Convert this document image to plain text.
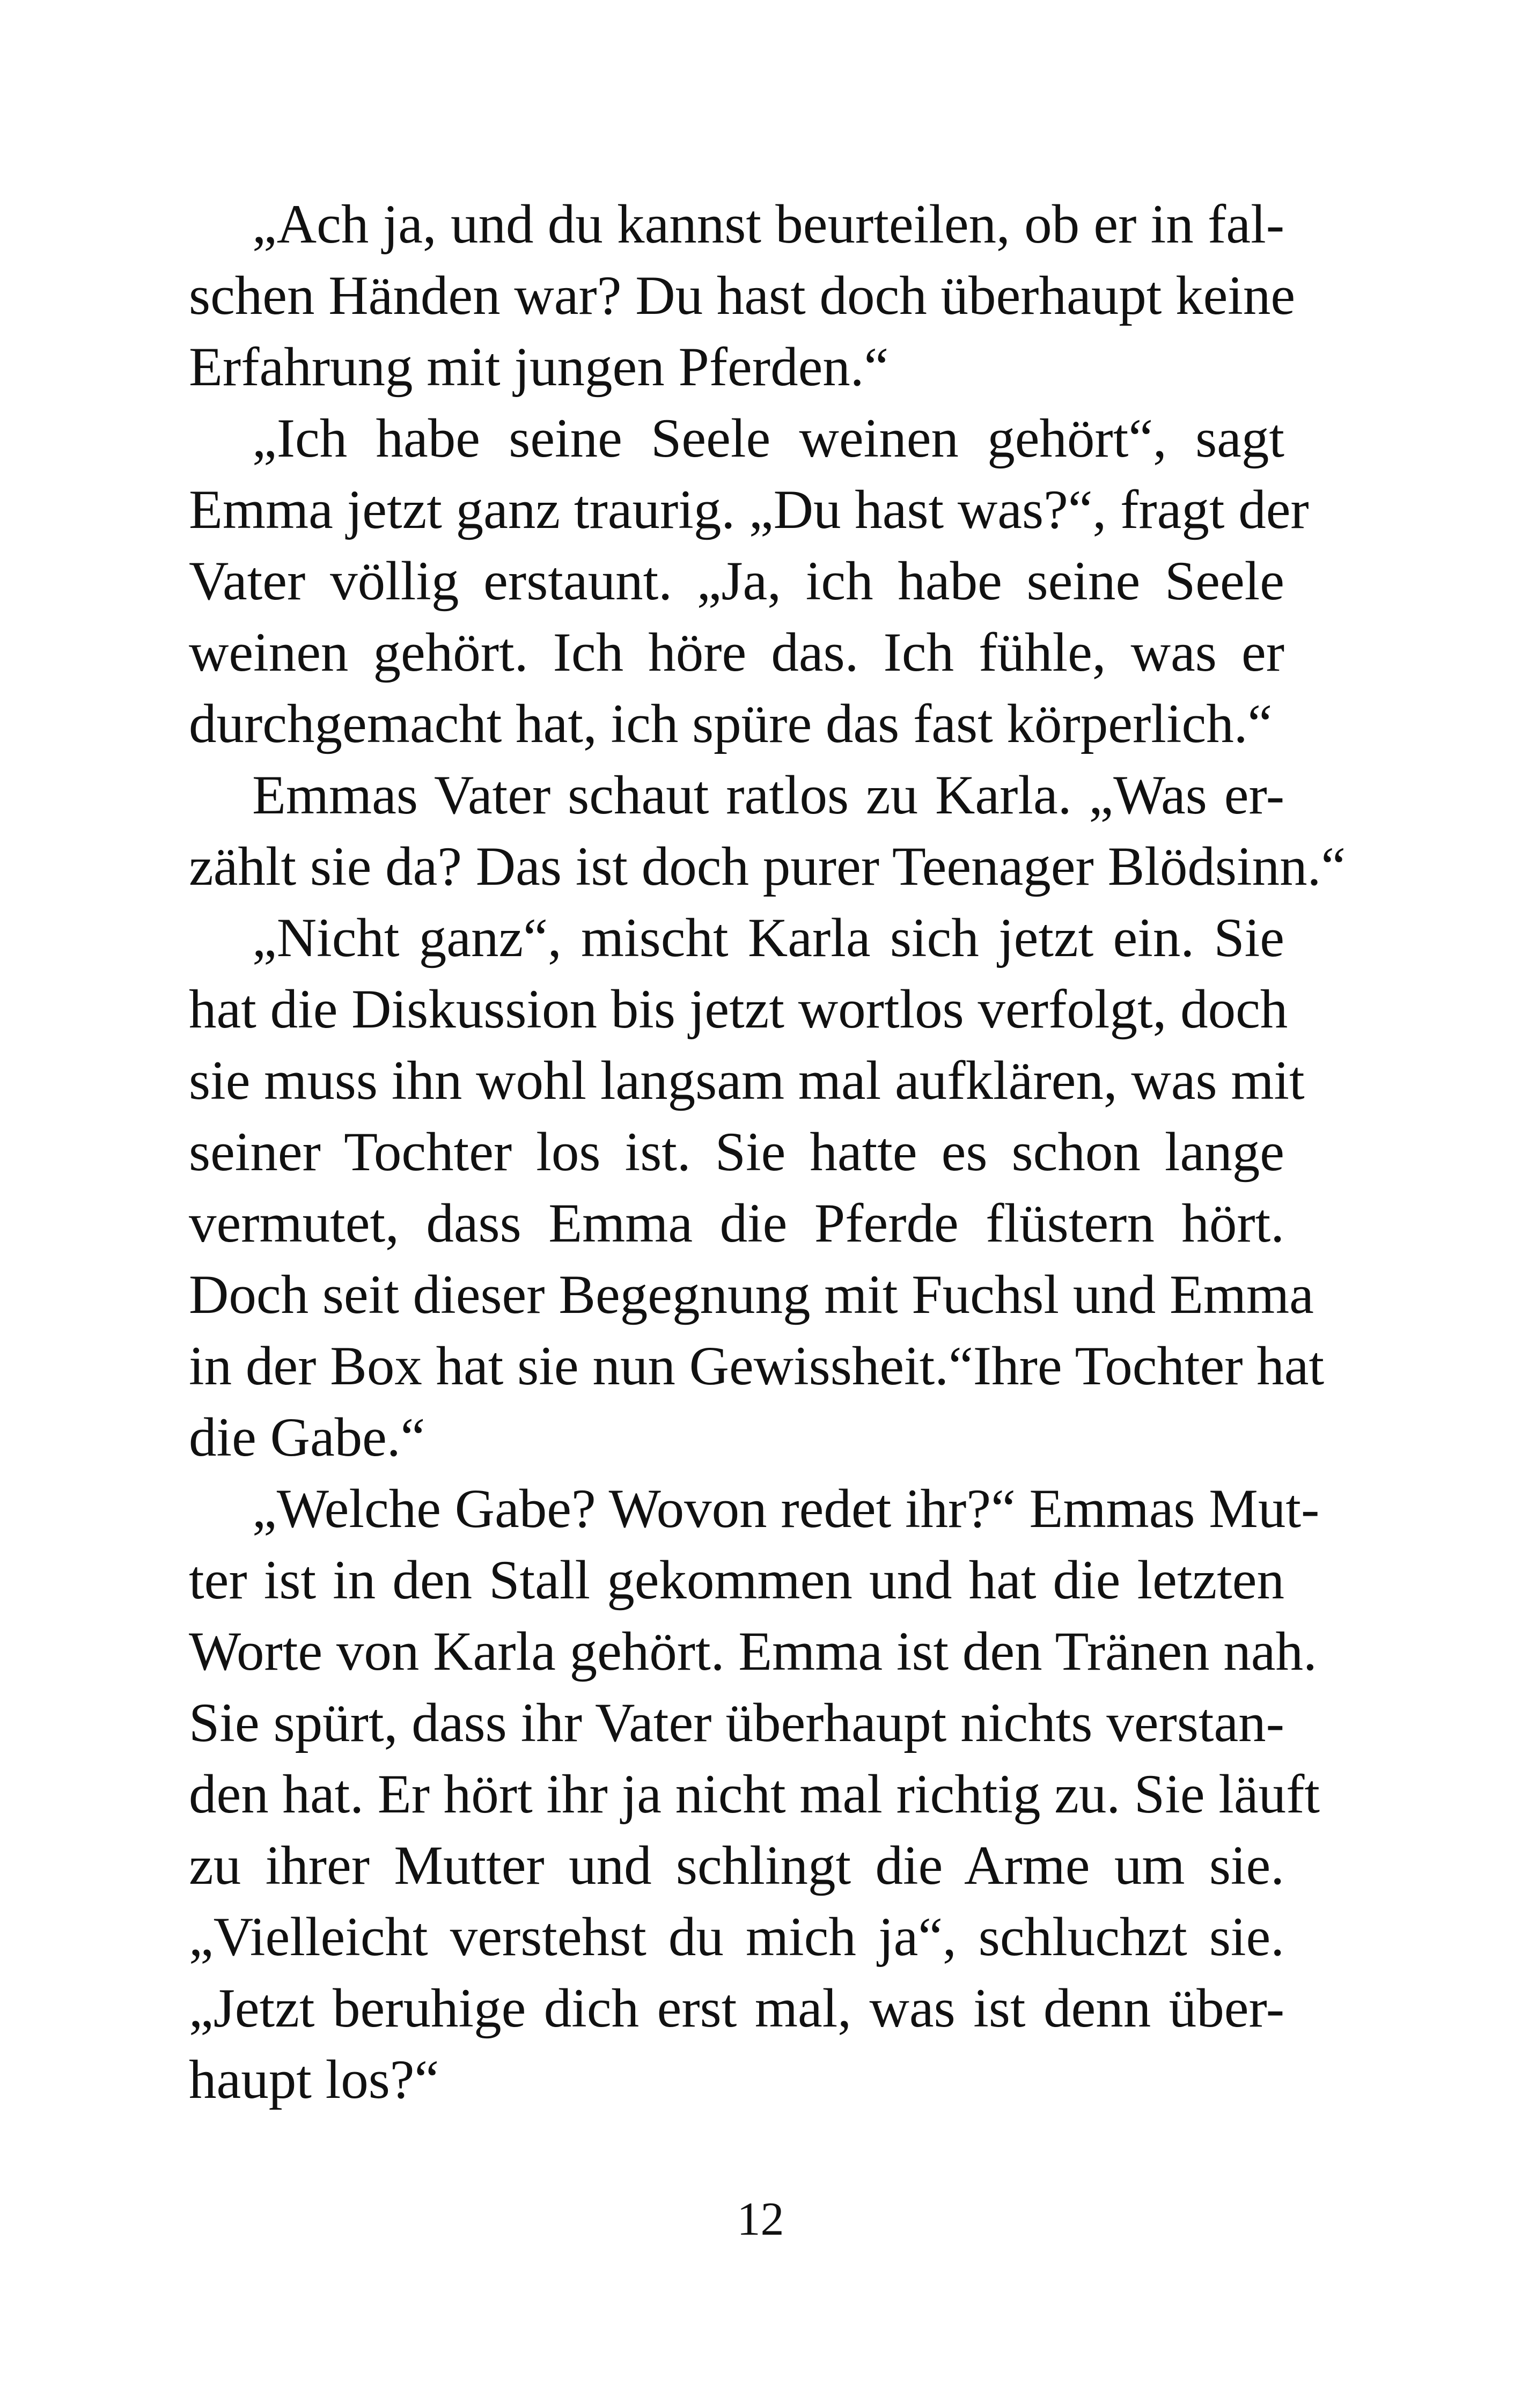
„Ach ja, und du kannst beurteilen, ob er in fal-
schen Händen war? Du hast doch überhaupt keine
Erfahrung mit jungen Pferden.“
„Ich habe seine Seele weinen gehört“, sagt
Emma jetzt ganz traurig. „Du hast was?“, fragt der
Vater völlig erstaunt. „Ja, ich habe seine Seele
weinen gehört. Ich höre das. Ich fühle, was er
durchgemacht hat, ich spüre das fast körperlich.“
Emmas Vater schaut ratlos zu Karla. „Was er-
zählt sie da? Das ist doch purer Teenager Blödsinn.“
„Nicht ganz“, mischt Karla sich jetzt ein. Sie
hat die Diskussion bis jetzt wortlos verfolgt, doch
sie muss ihn wohl langsam mal aufklären, was mit
seiner Tochter los ist. Sie hatte es schon lange
vermutet, dass Emma die Pferde flüstern hört.
Doch seit dieser Begegnung mit Fuchsl und Emma
in der Box hat sie nun Gewissheit.“Ihre Tochter hat
die Gabe.“
„Welche Gabe? Wovon redet ihr?“ Emmas Mut-
ter ist in den Stall gekommen und hat die letzten
Worte von Karla gehört. Emma ist den Tränen nah.
Sie spürt, dass ihr Vater überhaupt nichts verstan-
den hat. Er hört ihr ja nicht mal richtig zu. Sie läuft
zu ihrer Mutter und schlingt die Arme um sie.
„Vielleicht verstehst du mich ja“, schluchzt sie.
„Jetzt beruhige dich erst mal, was ist denn über-
haupt los?“
12
